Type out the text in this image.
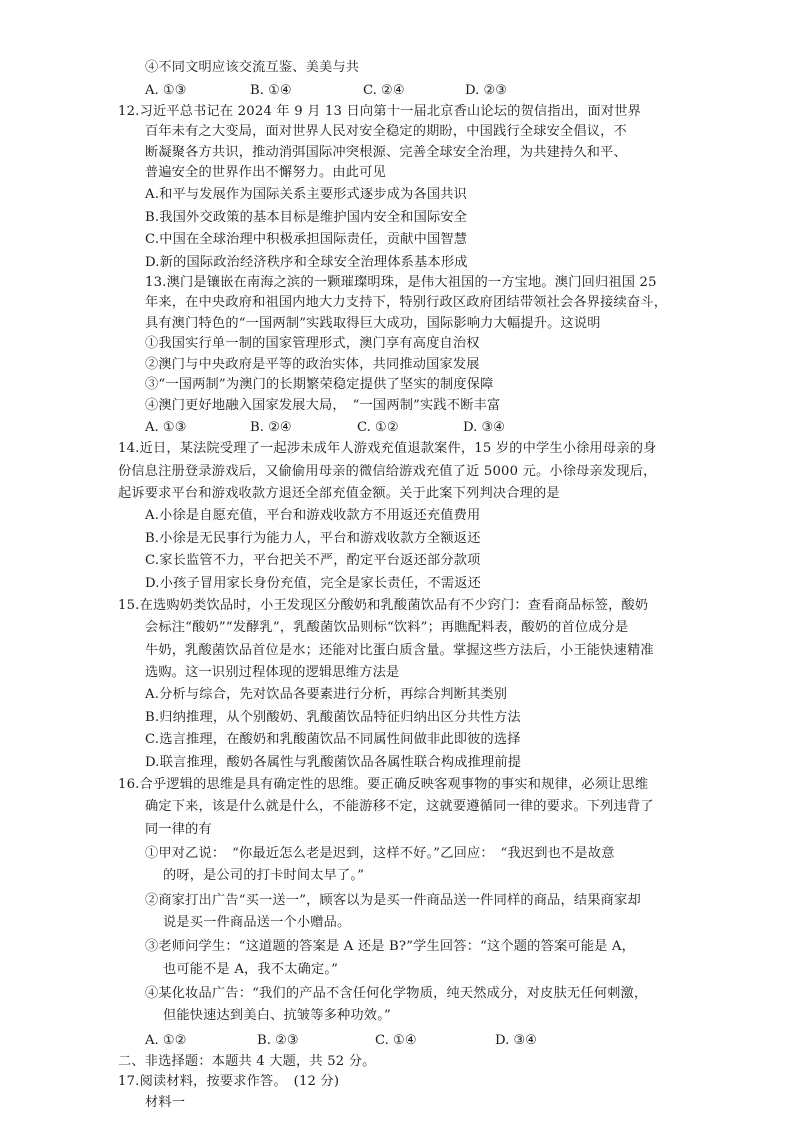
④不同文明应该交流互鉴、美美与共
A. ①③	B. ①④	C. ②④	D. ②③
12.习近平总书记在 2024 年 9 月 13 日向第十一届北京香山论坛的贺信指出，面对世界
百年未有之大变局，面对世界人民对安全稳定的期盼，中国践行全球安全倡议，不
断凝聚各方共识，推动消弭国际冲突根源、完善全球安全治理，为共建持久和平、
普遍安全的世界作出不懈努力。由此可见
A.和平与发展作为国际关系主要形式逐步成为各国共识
B.我国外交政策的基本目标是维护国内安全和国际安全
C.中国在全球治理中积极承担国际责任，贡献中国智慧
D.新的国际政治经济秩序和全球安全治理体系基本形成
13.澳门是镶嵌在南海之滨的一颗璀璨明珠，是伟大祖国的一方宝地。澳门回归祖国 25
年来，在中央政府和祖国内地大力支持下，特别行政区政府团结带领社会各界接续奋斗，
具有澳门特色的“一国两制”实践取得巨大成功，国际影响力大幅提升。这说明
①我国实行单一制的国家管理形式，澳门享有高度自治权
②澳门与中央政府是平等的政治实体，共同推动国家发展
③“一国两制”为澳门的长期繁荣稳定提供了坚实的制度保障
④澳门更好地融入国家发展大局，　“一国两制”实践不断丰富
A. ①③	B. ②④	C. ①②	D. ③④
14.近日，某法院受理了一起涉未成年人游戏充值退款案件，15 岁的中学生小徐用母亲的身
份信息注册登录游戏后，又偷偷用母亲的微信给游戏充值了近 5000 元。小徐母亲发现后，
起诉要求平台和游戏收款方退还全部充值金额。关于此案下列判决合理的是
A.小徐是自愿充值，平台和游戏收款方不用返还充值费用
B.小徐是无民事行为能力人，平台和游戏收款方全额返还
C.家长监管不力，平台把关不严，酌定平台返还部分款项
D.小孩子冒用家长身份充值，完全是家长责任，不需返还
15.在选购奶类饮品时，小王发现区分酸奶和乳酸菌饮品有不少窍门：查看商品标签，酸奶
会标注“酸奶”“发酵乳”，乳酸菌饮品则标“饮料”；再瞧配料表，酸奶的首位成分是
牛奶，乳酸菌饮品首位是水；还能对比蛋白质含量。掌握这些方法后，小王能快速精准
选购。这一识别过程体现的逻辑思维方法是
A.分析与综合，先对饮品各要素进行分析，再综合判断其类别
B.归纳推理，从个别酸奶、乳酸菌饮品特征归纳出区分共性方法
C.选言推理，在酸奶和乳酸菌饮品不同属性间做非此即彼的选择
D.联言推理，酸奶各属性与乳酸菌饮品各属性联合构成推理前提
16.合乎逻辑的思维是具有确定性的思维。要正确反映客观事物的事实和规律，必须让思维
确定下来，该是什么就是什么，不能游移不定，这就要遵循同一律的要求。下列违背了
同一律的有
①甲对乙说：　“你最近怎么老是迟到，这样不好。”乙回应：　“我迟到也不是故意
的呀，是公司的打卡时间太早了。”
②商家打出广告“买一送一”，顾客以为是买一件商品送一件同样的商品，结果商家却
说是买一件商品送一个小赠品。
③老师问学生：“这道题的答案是 A 还是 B?”学生回答：“这个题的答案可能是 A，
也可能不是 A，我不太确定。”
④某化妆品广告：“我们的产品不含任何化学物质，纯天然成分，对皮肤无任何刺激，
但能快速达到美白、抗皱等多种功效。”
A. ①②	B. ②③	C. ①④	D. ③④
二、非选择题：本题共 4 大题，共 52 分。
17.阅读材料，按要求作答。　(12 分)
材料一
